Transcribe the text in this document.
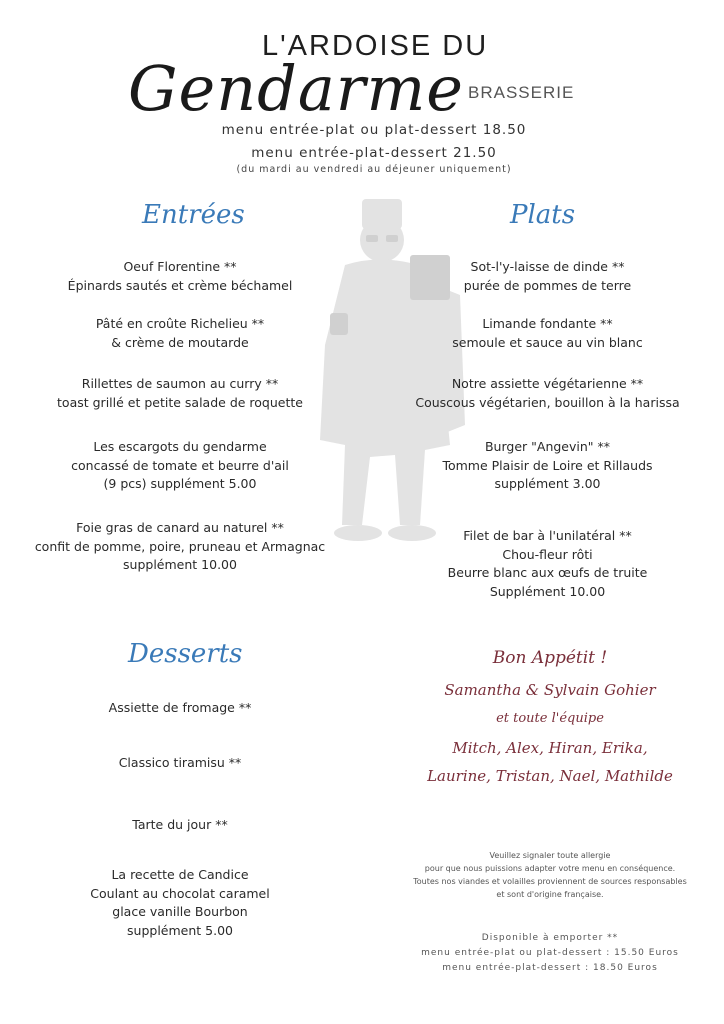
L'ARDOISE DU
Gendarme BRASSERIE
menu entrée-plat ou plat-dessert 18.50
menu entrée-plat-dessert 21.50
(du mardi au vendredi au déjeuner uniquement)
Entrées	Plats
Desserts
Oeuf Florentine **
Épinards sautés et crème béchamel
Pâté en croûte Richelieu **
& crème de moutarde
Rillettes de saumon au curry **
toast grillé et petite salade de roquette
Les escargots du gendarme
concassé de tomate et beurre d'ail
(9 pcs) supplément 5.00
Foie gras de canard au naturel **
confit de pomme, poire, pruneau et Armagnac
supplément 10.00
Sot-l'y-laisse de dinde **
purée de pommes de terre
Limande fondante **
semoule et sauce au vin blanc
Notre assiette végétarienne **
Couscous végétarien, bouillon à la harissa
Burger "Angevin" **
Tomme Plaisir de Loire et Rillauds
supplément 3.00
Filet de bar à l'unilatéral **
Chou-fleur rôti
Beurre blanc aux œufs de truite
Supplément 10.00
Assiette de fromage **
Classico tiramisu **
Tarte du jour **
La recette de Candice
Coulant au chocolat caramel
glace vanille Bourbon
supplément 5.00
Bon Appétit !
Samantha & Sylvain Gohier
et toute l'équipe
Mitch, Alex, Hiran, Erika,
Laurine, Tristan, Nael, Mathilde
Veuillez signaler toute allergie
pour que nous puissions adapter votre menu en conséquence.
Toutes nos viandes et volailles proviennent de sources responsables
et sont d'origine française.
Disponible à emporter **
menu entrée-plat ou plat-dessert : 15.50 Euros
menu entrée-plat-dessert : 18.50 Euros
